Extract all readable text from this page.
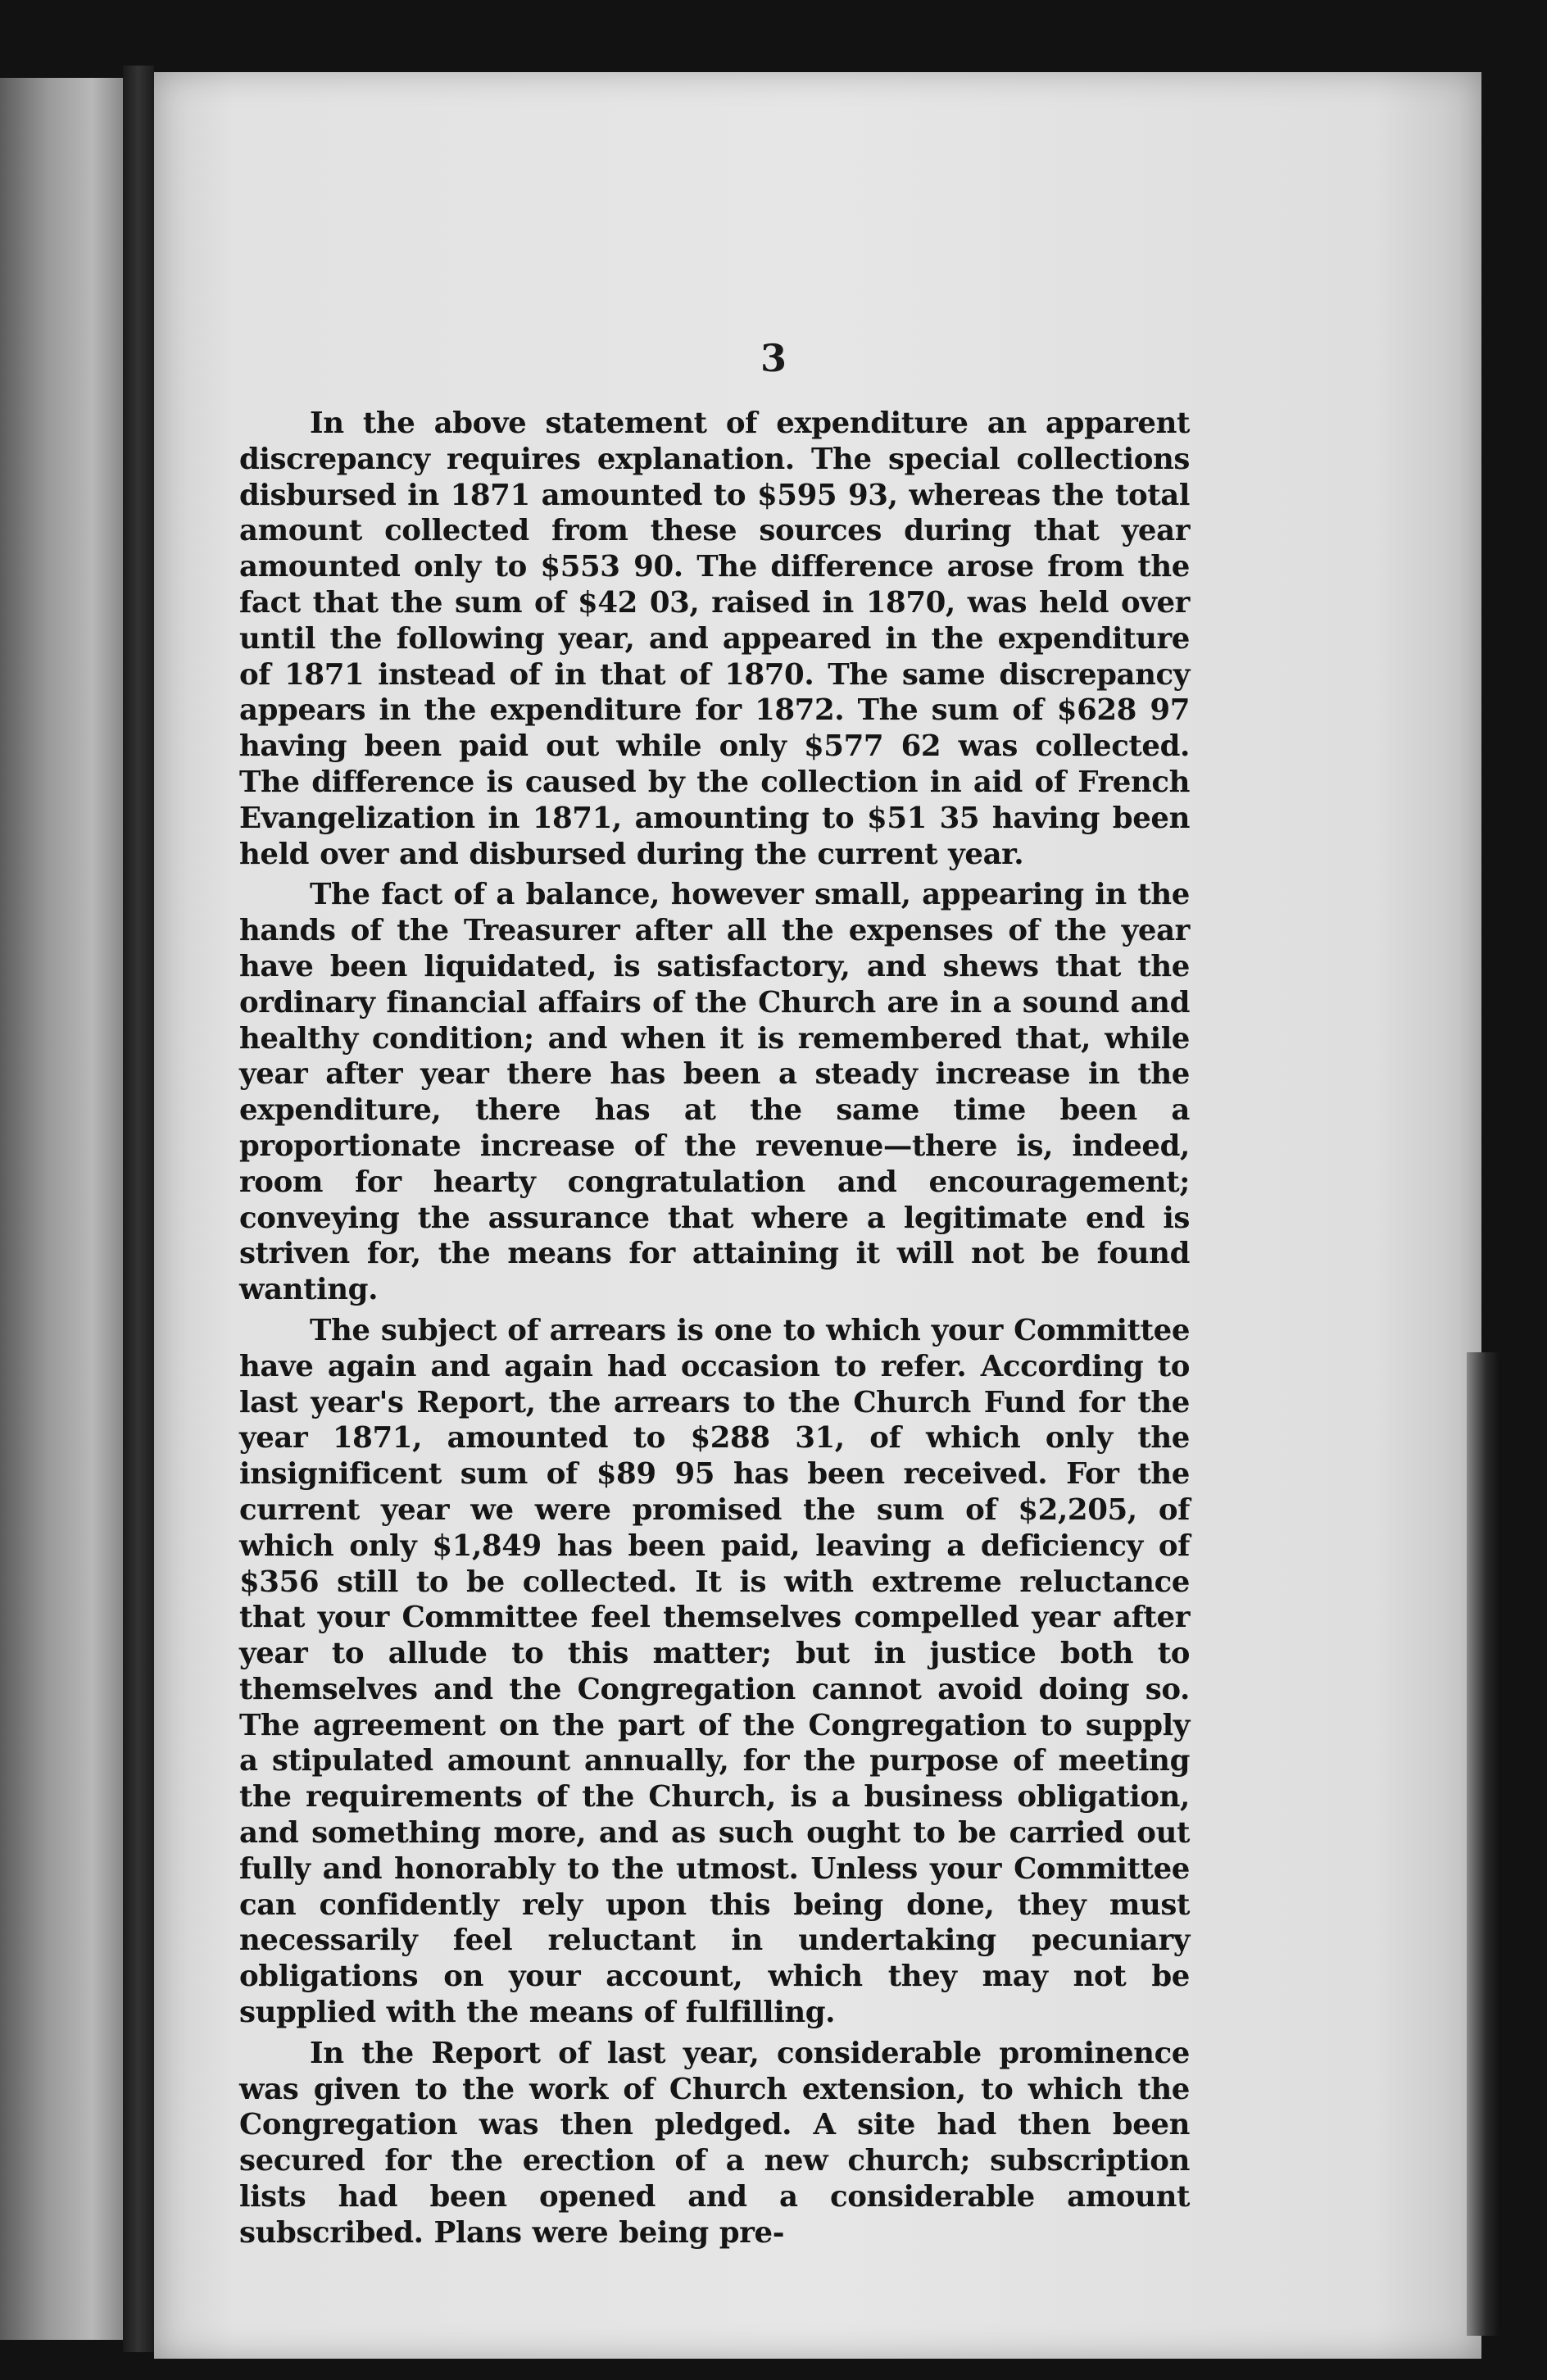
3

In the above statement of expenditure an apparent discrepancy requires explanation. The special collections disbursed in 1871 amounted to $595 93, whereas the total amount collected from these sources during that year amounted only to $553 90. The difference arose from the fact that the sum of $42 03, raised in 1870, was held over until the following year, and appeared in the expenditure of 1871 instead of in that of 1870. The same discrepancy appears in the expenditure for 1872. The sum of $628 97 having been paid out while only $577 62 was collected. The difference is caused by the collection in aid of French Evangelization in 1871, amounting to $51 35 having been held over and disbursed during the current year.

The fact of a balance, however small, appearing in the hands of the Treasurer after all the expenses of the year have been liquidated, is satisfactory, and shews that the ordinary financial affairs of the Church are in a sound and healthy condition; and when it is remembered that, while year after year there has been a steady increase in the expenditure, there has at the same time been a proportionate increase of the revenue—there is, indeed, room for hearty congratulation and encouragement; conveying the assurance that where a legitimate end is striven for, the means for attaining it will not be found wanting.

The subject of arrears is one to which your Committee have again and again had occasion to refer. According to last year's Report, the arrears to the Church Fund for the year 1871, amounted to $288 31, of which only the insignificent sum of $89 95 has been received. For the current year we were promised the sum of $2,205, of which only $1,849 has been paid, leaving a deficiency of $356 still to be collected. It is with extreme reluctance that your Committee feel themselves compelled year after year to allude to this matter; but in justice both to themselves and the Congregation cannot avoid doing so. The agreement on the part of the Congregation to supply a stipulated amount annually, for the purpose of meeting the requirements of the Church, is a business obligation, and something more, and as such ought to be carried out fully and honorably to the utmost. Unless your Committee can confidently rely upon this being done, they must necessarily feel reluctant in undertaking pecuniary obligations on your account, which they may not be supplied with the means of fulfilling.

In the Report of last year, considerable prominence was given to the work of Church extension, to which the Congregation was then pledged. A site had then been secured for the erection of a new church; subscription lists had been opened and a considerable amount subscribed. Plans were being pre-
